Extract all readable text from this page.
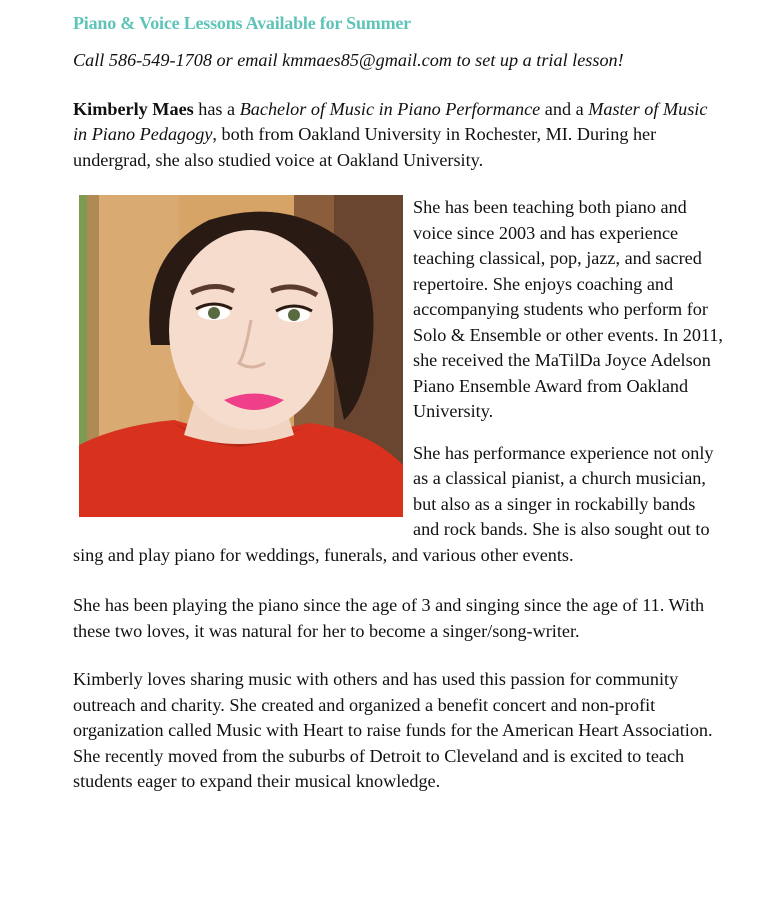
Piano & Voice Lessons Available for Summer

Call 586-549-1708 or email kmmaes85@gmail.com to set up a trial lesson!

Kimberly Maes has a Bachelor of Music in Piano Performance and a Master of Music in Piano Pedagogy, both from Oakland University in Rochester, MI. During her undergrad, she also studied voice at Oakland University.

She has been teaching both piano and voice since 2003 and has experience teaching classical, pop, jazz, and sacred repertoire. She enjoys coaching and accompanying students who perform for Solo & Ensemble or other events. In 2011, she received the MaTilDa Joyce Adelson Piano Ensemble Award from Oakland University.

She has performance experience not only as a classical pianist, a church musician, but also as a singer in rockabilly bands and rock bands. She is also sought out to sing and play piano for weddings, funerals, and various other events.

She has been playing the piano since the age of 3 and singing since the age of 11. With these two loves, it was natural for her to become a singer/song-writer.

Kimberly loves sharing music with others and has used this passion for community outreach and charity. She created and organized a benefit concert and non-profit organization called Music with Heart to raise funds for the American Heart Association. She recently moved from the suburbs of Detroit to Cleveland and is excited to teach students eager to expand their musical knowledge.
